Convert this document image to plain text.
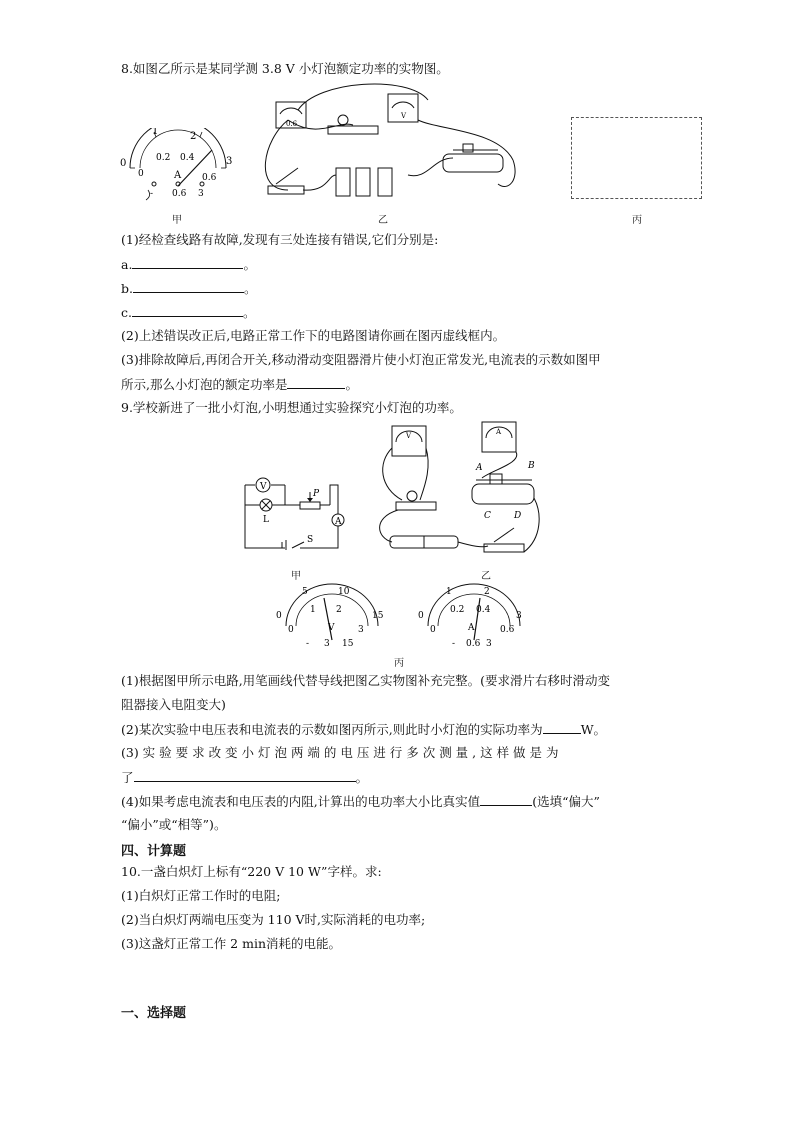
8.如图乙所示是某同学测 3.8 V 小灯泡额定功率的实物图。
1	2
0	3
0
0.2 0.4
0.6
A
- 0.6 3
甲
0.6
V
乙	丙
(1)经检查线路有故障,发现有三处连接有错误,它们分别是:
a.	。
b.	。
c.	。
(2)上述错误改正后,电路正常工作下的电路图请你画在图丙虚线框内。
(3)排除故障后,再闭合开关,移动滑动变阻器滑片使小灯泡正常发光,电流表的示数如图甲
所示,那么小灯泡的额定功率是	。
9.学校新进了一批小灯泡,小明想通过实验探究小灯泡的功率。
V
L
P
A
S
甲
V	A
A	B
C	D
乙
5	10
0	15
0
1 2
3
V
- 3 15
1	2
0	3
0
0.2 0.4
0.6
A
- 0.6 3
丙
(1)根据图甲所示电路,用笔画线代替导线把图乙实物图补充完整。(要求滑片右移时滑动变
阻器接入电阻变大)
(2)某次实验中电压表和电流表的示数如图丙所示,则此时小灯泡的实际功率为	W。
(3) 实 验 要 求 改 变 小 灯 泡 两 端 的 电 压 进 行 多 次 测 量 , 这 样 做 是 为
了	。
(4)如果考虑电流表和电压表的内阻,计算出的电功率大小比真实值	(选填“偏大”
“偏小”或“相等”)。
四、计算题
10.一盏白炽灯上标有“220 V 10 W”字样。求:
(1)白炽灯正常工作时的电阻;
(2)当白炽灯两端电压变为 110 V时,实际消耗的电功率;
(3)这盏灯正常工作 2 min消耗的电能。
一、选择题
